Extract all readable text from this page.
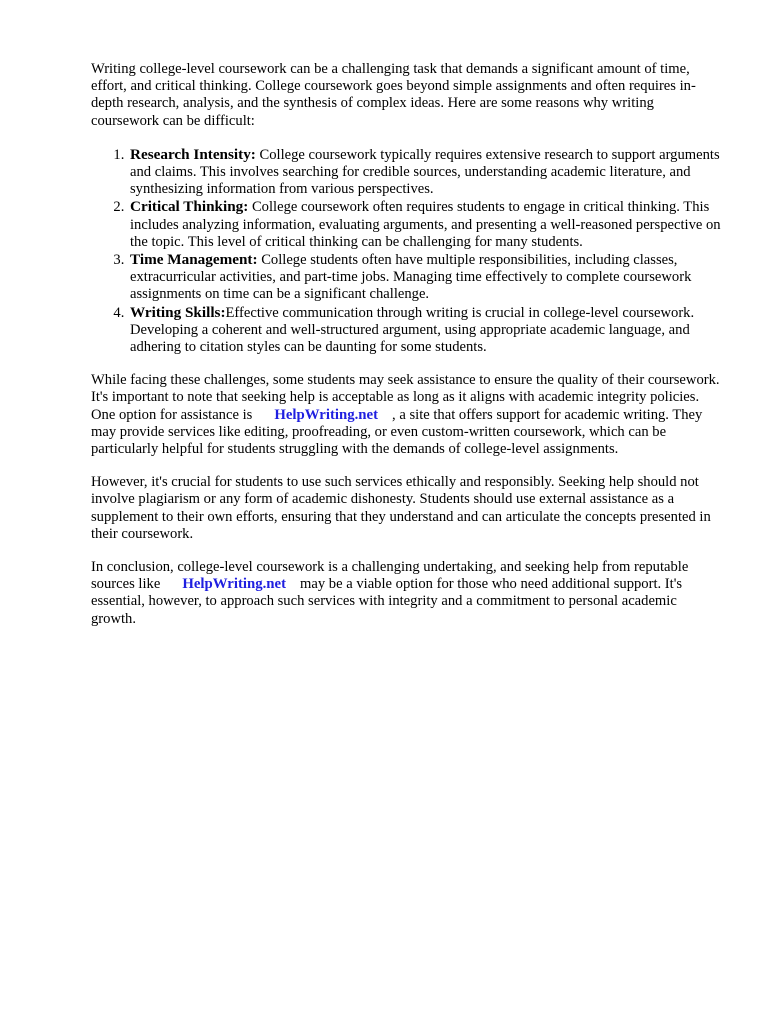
Writing college-level coursework can be a challenging task that demands a significant amount of time, effort, and critical thinking. College coursework goes beyond simple assignments and often requires in-depth research, analysis, and the synthesis of complex ideas. Here are some reasons why writing coursework can be difficult:

1. Research Intensity: College coursework typically requires extensive research to support arguments and claims. This involves searching for credible sources, understanding academic literature, and synthesizing information from various perspectives.
2. Critical Thinking: College coursework often requires students to engage in critical thinking. This includes analyzing information, evaluating arguments, and presenting a well-reasoned perspective on the topic. This level of critical thinking can be challenging for many students.
3. Time Management: College students often have multiple responsibilities, including classes, extracurricular activities, and part-time jobs. Managing time effectively to complete coursework assignments on time can be a significant challenge.
4. Writing Skills:Effective communication through writing is crucial in college-level coursework. Developing a coherent and well-structured argument, using appropriate academic language, and adhering to citation styles can be daunting for some students.

While facing these challenges, some students may seek assistance to ensure the quality of their coursework. It's important to note that seeking help is acceptable as long as it aligns with academic integrity policies. One option for assistance is HelpWriting.net , a site that offers support for academic writing. They may provide services like editing, proofreading, or even custom-written coursework, which can be particularly helpful for students struggling with the demands of college-level assignments.

However, it's crucial for students to use such services ethically and responsibly. Seeking help should not involve plagiarism or any form of academic dishonesty. Students should use external assistance as a supplement to their own efforts, ensuring that they understand and can articulate the concepts presented in their coursework.

In conclusion, college-level coursework is a challenging undertaking, and seeking help from reputable sources like HelpWriting.net may be a viable option for those who need additional support. It's essential, however, to approach such services with integrity and a commitment to personal academic growth.
